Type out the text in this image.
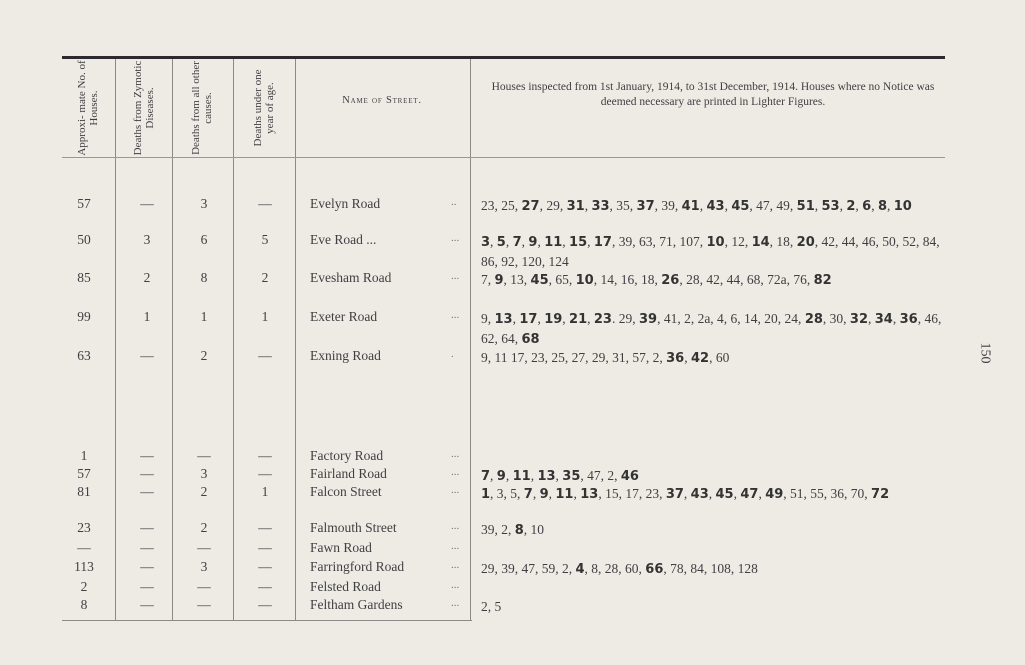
Approxi- mate No. of Houses.	Deaths from Zymotic Diseases.	Deaths from all other causes.	Deaths under one year of age.	Name of Street.
Houses inspected from 1st January, 1914, to 31st December, 1914. Houses where no Notice was deemed necessary are printed in Lighter Figures.
57	—	3	—	Evelyn Road	.. 23, 25, 27, 29, 31, 33, 35, 37, 39, 41, 43, 45, 47, 49, 51, 53, 2, 6, 8, 10
50	3	6	5	Eve Road ...	... 3, 5, 7, 9, 11, 15, 17, 39, 63, 71, 107, 10, 12, 14, 18, 20, 42, 44, 46, 50, 52, 84, 86, 92, 120, 124
85	2	8	2	Evesham Road	... 7, 9, 13, 45, 65, 10, 14, 16, 18, 26, 28, 42, 44, 68, 72a, 76, 82
99	1	1	1	Exeter Road	... 9, 13, 17, 19, 21, 23. 29, 39, 41, 2, 2a, 4, 6, 14, 20, 24, 28, 30, 32, 34, 36, 46, 62, 64, 68
63	—	2	—	Exning Road	. 9, 11 17, 23, 25, 27, 29, 31, 57, 2, 36, 42, 60
1	—	—	—	Factory Road	...
57	—	3	—	Fairland Road	... 7, 9, 11, 13, 35, 47, 2, 46
81	—	2	1	Falcon Street	... 1, 3, 5, 7, 9, 11, 13, 15, 17, 23, 37, 43, 45, 47, 49, 51, 55, 36, 70, 72
23	—	2	—	Falmouth Street	... 39, 2, 8, 10
—	—	—	—	Fawn Road	...
113	—	3	—	Farringford Road	... 29, 39, 47, 59, 2, 4, 8, 28, 60, 66, 78, 84, 108, 128
2	—	—	—	Felsted Road	...
8	—	—	—	Feltham Gardens	... 2, 5
150
